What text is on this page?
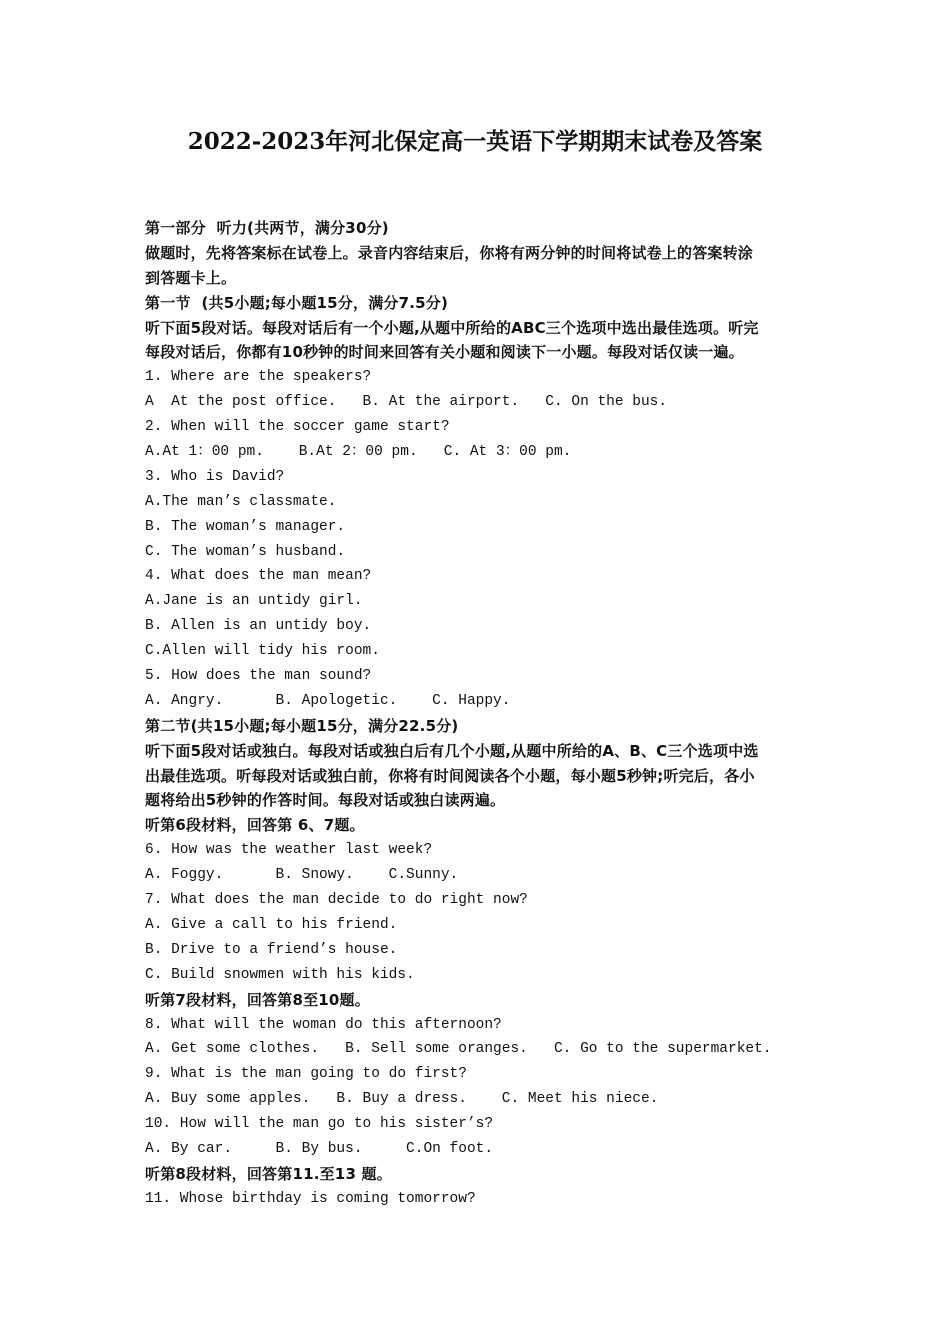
2022-2023年河北保定高一英语下学期期末试卷及答案
第一部分  听力(共两节，满分30分)
做题时，先将答案标在试卷上。录音内容结束后，你将有两分钟的时间将试卷上的答案转涂
到答题卡上。
第一节  (共5小题;每小题15分，满分7.5分)
听下面5段对话。每段对话后有一个小题,从题中所给的ABC三个选项中选出最佳选项。听完
每段对话后，你都有10秒钟的时间来回答有关小题和阅读下一小题。每段对话仅读一遍。
1. Where are the speakers?
A  At the post office.   B. At the airport.   C. On the bus.
2. When will the soccer game start?
A.At 1：00 pm.    B.At 2：00 pm.   C. At 3：00 pm.
3. Who is David?
A.The man’s classmate.
B. The woman’s manager.
C. The woman’s husband.
4. What does the man mean?
A.Jane is an untidy girl.
B. Allen is an untidy boy.
C.Allen will tidy his room.
5. How does the man sound?
A. Angry.      B. Apologetic.    C. Happy.
第二节(共15小题;每小题15分，满分22.5分)
听下面5段对话或独白。每段对话或独白后有几个小题,从题中所给的A、B、C三个选项中选
出最佳选项。听每段对话或独白前，你将有时间阅读各个小题，每小题5秒钟;听完后，各小
题将给出5秒钟的作答时间。每段对话或独白读两遍。
听第6段材料，回答第 6、7题。
6. How was the weather last week?
A. Foggy.      B. Snowy.    C.Sunny.
7. What does the man decide to do right now?
A. Give a call to his friend.
B. Drive to a friend’s house.
C. Build snowmen with his kids.
听第7段材料，回答第8至10题。
8. What will the woman do this afternoon?
A. Get some clothes.   B. Sell some oranges.   C. Go to the supermarket.
9. What is the man going to do first?
A. Buy some apples.   B. Buy a dress.    C. Meet his niece.
10. How will the man go to his sister’s?
A. By car.     B. By bus.     C.On foot.
听第8段材料，回答第11.至13 题。
11. Whose birthday is coming tomorrow?
